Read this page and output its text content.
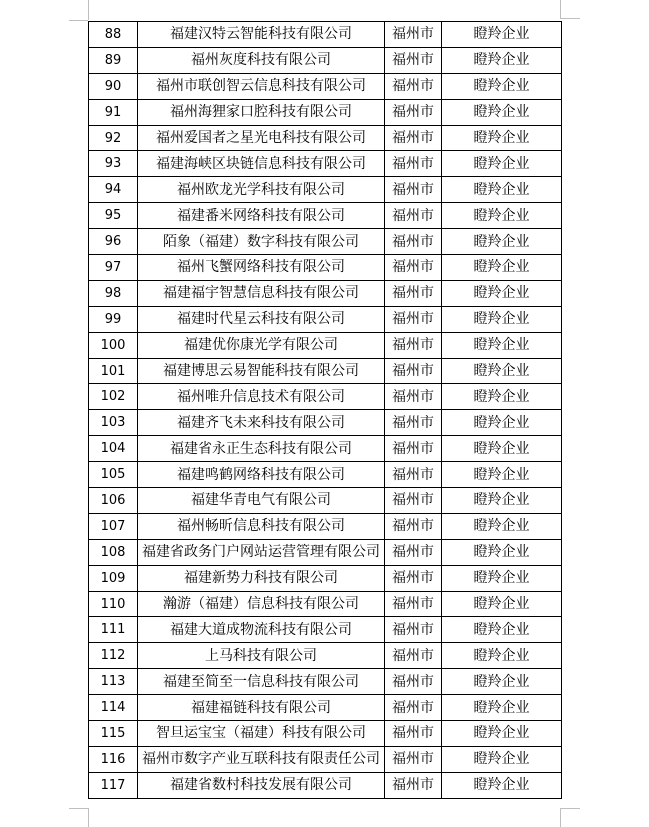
88	福建汉特云智能科技有限公司	福州市	瞪羚企业
89	福州灰度科技有限公司	福州市	瞪羚企业
90	福州市联创智云信息科技有限公司	福州市	瞪羚企业
91	福州海狸家口腔科技有限公司	福州市	瞪羚企业
92	福州爱国者之星光电科技有限公司	福州市	瞪羚企业
93	福建海峡区块链信息科技有限公司	福州市	瞪羚企业
94	福州欧龙光学科技有限公司	福州市	瞪羚企业
95	福建番米网络科技有限公司	福州市	瞪羚企业
96	陌象（福建）数字科技有限公司	福州市	瞪羚企业
97	福州飞蟹网络科技有限公司	福州市	瞪羚企业
98	福建福宇智慧信息科技有限公司	福州市	瞪羚企业
99	福建时代星云科技有限公司	福州市	瞪羚企业
100	福建优你康光学有限公司	福州市	瞪羚企业
101	福建博思云易智能科技有限公司	福州市	瞪羚企业
102	福州唯升信息技术有限公司	福州市	瞪羚企业
103	福建齐飞未来科技有限公司	福州市	瞪羚企业
104	福建省永正生态科技有限公司	福州市	瞪羚企业
105	福建鸣鹤网络科技有限公司	福州市	瞪羚企业
106	福建华青电气有限公司	福州市	瞪羚企业
107	福州畅昕信息科技有限公司	福州市	瞪羚企业
108	福建省政务门户网站运营管理有限公司	福州市	瞪羚企业
109	福建新势力科技有限公司	福州市	瞪羚企业
110	瀚游（福建）信息科技有限公司	福州市	瞪羚企业
111	福建大道成物流科技有限公司	福州市	瞪羚企业
112	上马科技有限公司	福州市	瞪羚企业
113	福建至简至一信息科技有限公司	福州市	瞪羚企业
114	福建福链科技有限公司	福州市	瞪羚企业
115	智旦运宝宝（福建）科技有限公司	福州市	瞪羚企业
116	福州市数字产业互联科技有限责任公司	福州市	瞪羚企业
117	福建省数村科技发展有限公司	福州市	瞪羚企业
